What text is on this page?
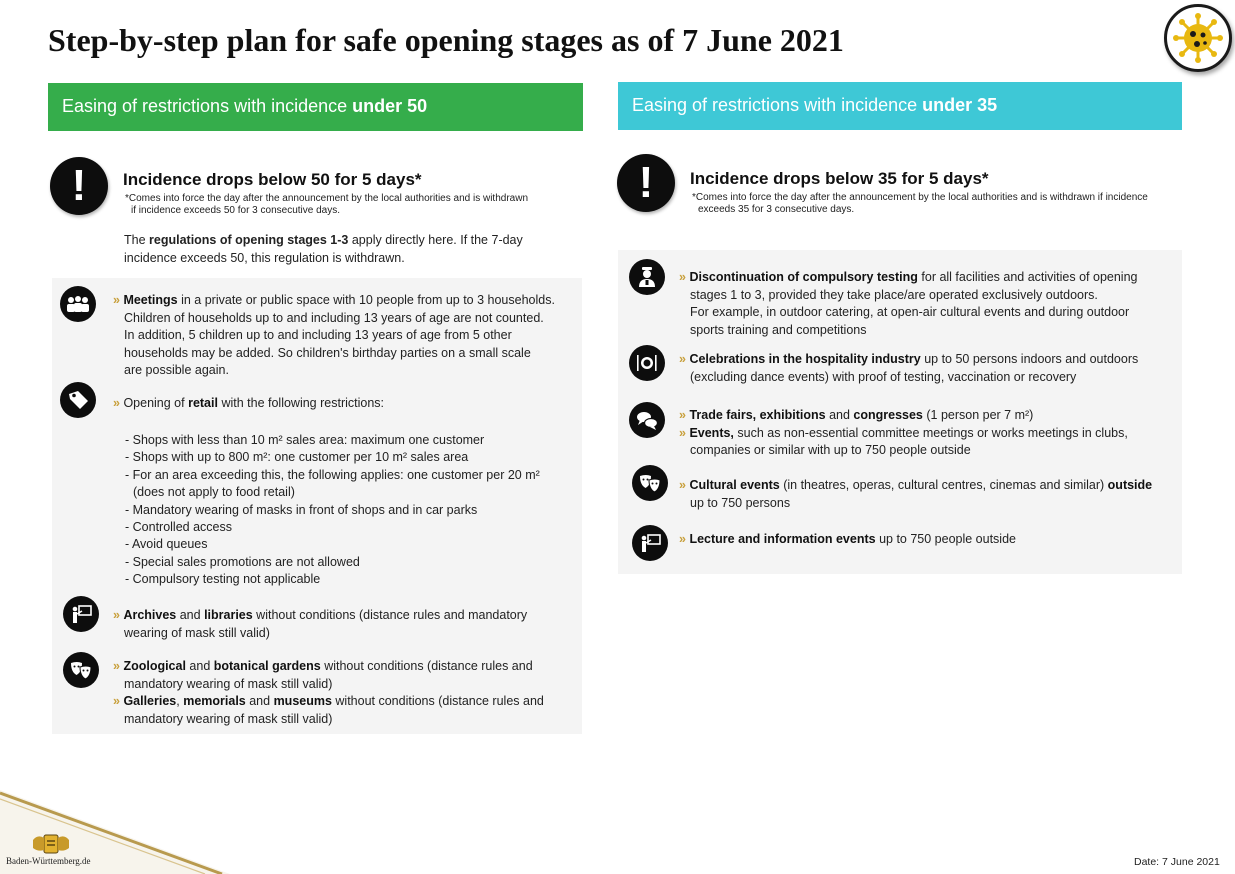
Step-by-step plan for safe opening stages as of 7 June 2021
Easing of restrictions with incidence under 50	Easing of restrictions with incidence under 35
!	Incidence drops below 50 for 5 days*
*Comes into force the day after the announcement by the local authorities and is withdrawn
if incidence exceeds 50 for 3 consecutive days.
The regulations of opening stages 1-3 apply directly here. If the 7-day
incidence exceeds 50, this regulation is withdrawn.
!	Incidence drops below 35 for 5 days*
*Comes into force the day after the announcement by the local authorities and is withdrawn if incidence
exceeds 35 for 3 consecutive days.
» Meetings in a private or public space with 10 people from up to 3 households.
Children of households up to and including 13 years of age are not counted.
In addition, 5 children up to and including 13 years of age from 5 other
households may be added. So children's birthday parties on a small scale
are possible again.
» Opening of retail with the following restrictions:
- Shops with less than 10 m² sales area: maximum one customer
- Shops with up to 800 m²: one customer per 10 m² sales area
- For an area exceeding this, the following applies: one customer per 20 m²
(does not apply to food retail)
- Mandatory wearing of masks in front of shops and in car parks
- Controlled access
- Avoid queues
- Special sales promotions are not allowed
- Compulsory testing not applicable
» Archives and libraries without conditions (distance rules and mandatory
wearing of mask still valid)
» Zoological and botanical gardens without conditions (distance rules and
mandatory wearing of mask still valid)
» Galleries, memorials and museums without conditions (distance rules and
mandatory wearing of mask still valid)
» Discontinuation of compulsory testing for all facilities and activities of opening
stages 1 to 3, provided they take place/are operated exclusively outdoors.
For example, in outdoor catering, at open-air cultural events and during outdoor
sports training and competitions
» Celebrations in the hospitality industry up to 50 persons indoors and outdoors
(excluding dance events) with proof of testing, vaccination or recovery
» Trade fairs, exhibitions and congresses (1 person per 7 m²)
» Events, such as non-essential committee meetings or works meetings in clubs,
companies or similar with up to 750 people outside
» Cultural events (in theatres, operas, cultural centres, cinemas and similar) outside
up to 750 persons
» Lecture and information events up to 750 people outside
Baden-Württemberg.de	Date: 7 June 2021
